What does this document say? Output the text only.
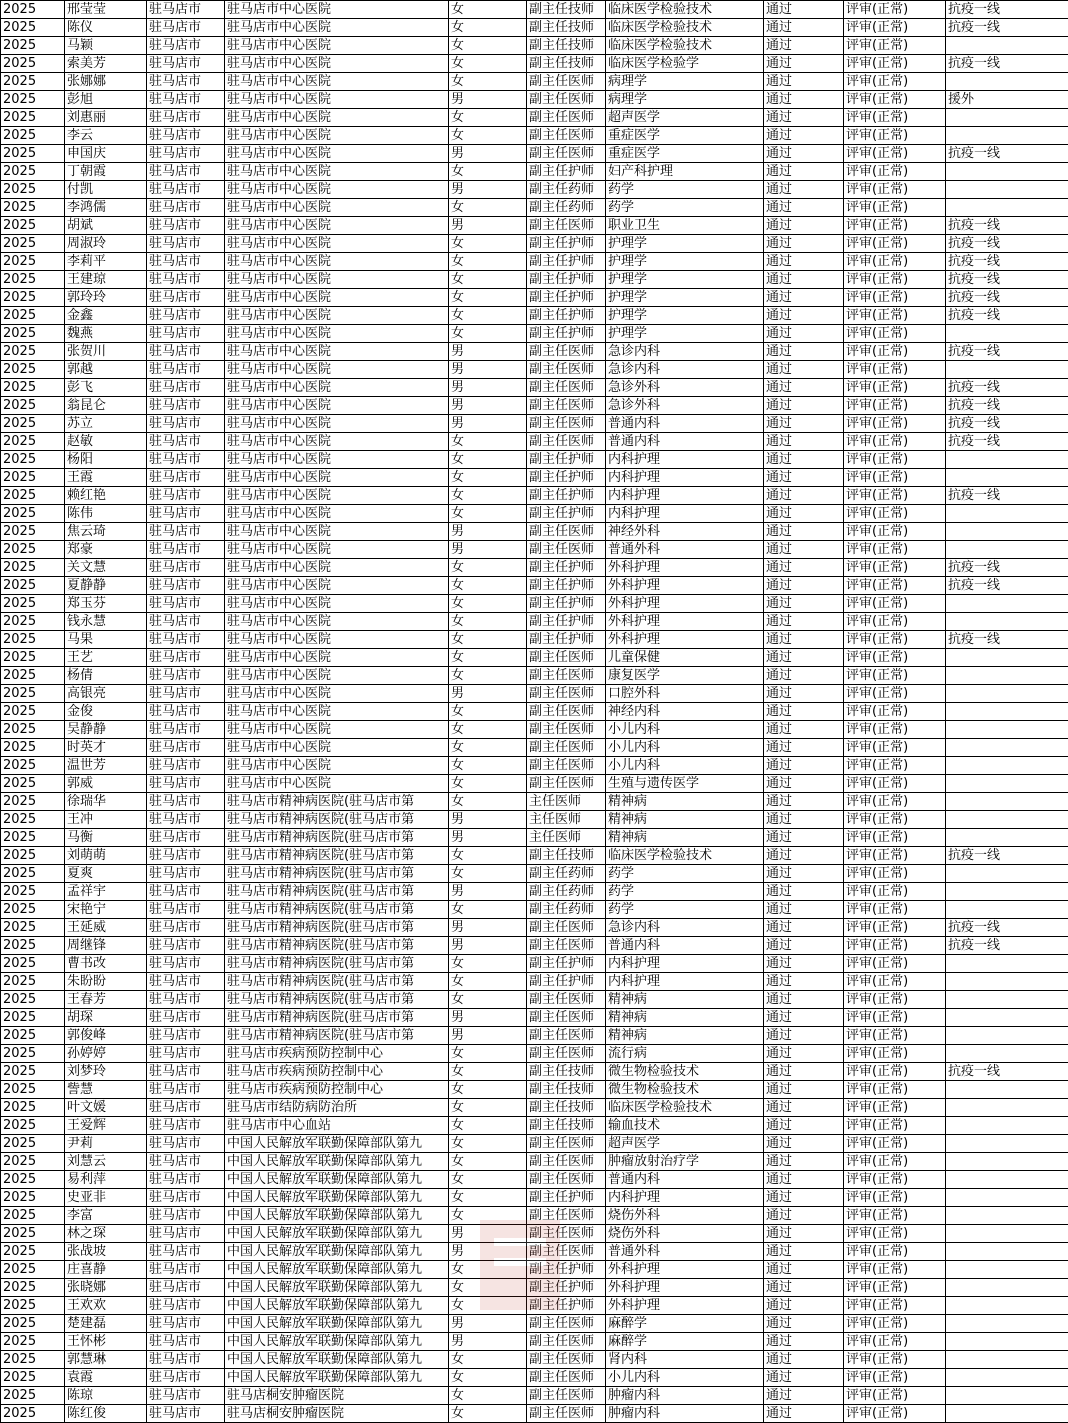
2025	邢莹莹	驻马店市	驻马店市中心医院	女	副主任技师	临床医学检验技术	通过	评审(正常)	抗疫一线
2025	陈仪	驻马店市	驻马店市中心医院	女	副主任技师	临床医学检验技术	通过	评审(正常)	抗疫一线
2025	马颖	驻马店市	驻马店市中心医院	女	副主任技师	临床医学检验技术	通过	评审(正常)	
2025	索美芳	驻马店市	驻马店市中心医院	女	副主任技师	临床医学检验学	通过	评审(正常)	抗疫一线
2025	张娜娜	驻马店市	驻马店市中心医院	女	副主任医师	病理学	通过	评审(正常)	
2025	彭旭	驻马店市	驻马店市中心医院	男	副主任医师	病理学	通过	评审(正常)	援外
2025	刘惠丽	驻马店市	驻马店市中心医院	女	副主任医师	超声医学	通过	评审(正常)	
2025	李云	驻马店市	驻马店市中心医院	女	副主任医师	重症医学	通过	评审(正常)	
2025	申国庆	驻马店市	驻马店市中心医院	男	副主任医师	重症医学	通过	评审(正常)	抗疫一线
2025	丁朝霞	驻马店市	驻马店市中心医院	女	副主任护师	妇产科护理	通过	评审(正常)	
2025	付凯	驻马店市	驻马店市中心医院	男	副主任药师	药学	通过	评审(正常)	
2025	李鸿儒	驻马店市	驻马店市中心医院	女	副主任药师	药学	通过	评审(正常)	
2025	胡斌	驻马店市	驻马店市中心医院	男	副主任医师	职业卫生	通过	评审(正常)	抗疫一线
2025	周淑玲	驻马店市	驻马店市中心医院	女	副主任护师	护理学	通过	评审(正常)	抗疫一线
2025	李莉平	驻马店市	驻马店市中心医院	女	副主任护师	护理学	通过	评审(正常)	抗疫一线
2025	王建琼	驻马店市	驻马店市中心医院	女	副主任护师	护理学	通过	评审(正常)	抗疫一线
2025	郭玲玲	驻马店市	驻马店市中心医院	女	副主任护师	护理学	通过	评审(正常)	抗疫一线
2025	金鑫	驻马店市	驻马店市中心医院	女	副主任护师	护理学	通过	评审(正常)	抗疫一线
2025	魏燕	驻马店市	驻马店市中心医院	女	副主任护师	护理学	通过	评审(正常)	
2025	张贺川	驻马店市	驻马店市中心医院	男	副主任医师	急诊内科	通过	评审(正常)	抗疫一线
2025	郭越	驻马店市	驻马店市中心医院	男	副主任医师	急诊内科	通过	评审(正常)	
2025	彭飞	驻马店市	驻马店市中心医院	男	副主任医师	急诊外科	通过	评审(正常)	抗疫一线
2025	翁昆仑	驻马店市	驻马店市中心医院	男	副主任医师	急诊外科	通过	评审(正常)	抗疫一线
2025	苏立	驻马店市	驻马店市中心医院	男	副主任医师	普通内科	通过	评审(正常)	抗疫一线
2025	赵敏	驻马店市	驻马店市中心医院	女	副主任医师	普通内科	通过	评审(正常)	抗疫一线
2025	杨阳	驻马店市	驻马店市中心医院	女	副主任护师	内科护理	通过	评审(正常)	
2025	王霞	驻马店市	驻马店市中心医院	女	副主任护师	内科护理	通过	评审(正常)	
2025	赖红艳	驻马店市	驻马店市中心医院	女	副主任护师	内科护理	通过	评审(正常)	抗疫一线
2025	陈伟	驻马店市	驻马店市中心医院	女	副主任护师	内科护理	通过	评审(正常)	
2025	焦云琦	驻马店市	驻马店市中心医院	男	副主任医师	神经外科	通过	评审(正常)	
2025	郑豪	驻马店市	驻马店市中心医院	男	副主任医师	普通外科	通过	评审(正常)	
2025	关文慧	驻马店市	驻马店市中心医院	女	副主任护师	外科护理	通过	评审(正常)	抗疫一线
2025	夏静静	驻马店市	驻马店市中心医院	女	副主任护师	外科护理	通过	评审(正常)	抗疫一线
2025	郑玉芬	驻马店市	驻马店市中心医院	女	副主任护师	外科护理	通过	评审(正常)	
2025	钱永慧	驻马店市	驻马店市中心医院	女	副主任护师	外科护理	通过	评审(正常)	
2025	马果	驻马店市	驻马店市中心医院	女	副主任护师	外科护理	通过	评审(正常)	抗疫一线
2025	王艺	驻马店市	驻马店市中心医院	女	副主任医师	儿童保健	通过	评审(正常)	
2025	杨倩	驻马店市	驻马店市中心医院	女	副主任医师	康复医学	通过	评审(正常)	
2025	高银亮	驻马店市	驻马店市中心医院	男	副主任医师	口腔外科	通过	评审(正常)	
2025	金俊	驻马店市	驻马店市中心医院	女	副主任医师	神经内科	通过	评审(正常)	
2025	吴静静	驻马店市	驻马店市中心医院	女	副主任医师	小儿内科	通过	评审(正常)	
2025	时英才	驻马店市	驻马店市中心医院	女	副主任医师	小儿内科	通过	评审(正常)	
2025	温世芳	驻马店市	驻马店市中心医院	女	副主任医师	小儿内科	通过	评审(正常)	
2025	郭威	驻马店市	驻马店市中心医院	女	副主任医师	生殖与遗传医学	通过	评审(正常)	
2025	徐瑞华	驻马店市	驻马店市精神病医院(驻马店市第	女	主任医师	精神病	通过	评审(正常)	
2025	王冲	驻马店市	驻马店市精神病医院(驻马店市第	男	主任医师	精神病	通过	评审(正常)	
2025	马衡	驻马店市	驻马店市精神病医院(驻马店市第	男	主任医师	精神病	通过	评审(正常)	
2025	刘萌萌	驻马店市	驻马店市精神病医院(驻马店市第	女	副主任技师	临床医学检验技术	通过	评审(正常)	抗疫一线
2025	夏爽	驻马店市	驻马店市精神病医院(驻马店市第	女	副主任药师	药学	通过	评审(正常)	
2025	孟祥宇	驻马店市	驻马店市精神病医院(驻马店市第	男	副主任药师	药学	通过	评审(正常)	
2025	宋艳宁	驻马店市	驻马店市精神病医院(驻马店市第	女	副主任药师	药学	通过	评审(正常)	
2025	王延威	驻马店市	驻马店市精神病医院(驻马店市第	男	副主任医师	急诊内科	通过	评审(正常)	抗疫一线
2025	周继锋	驻马店市	驻马店市精神病医院(驻马店市第	男	副主任医师	普通内科	通过	评审(正常)	抗疫一线
2025	曹书改	驻马店市	驻马店市精神病医院(驻马店市第	女	副主任护师	内科护理	通过	评审(正常)	
2025	朱盼盼	驻马店市	驻马店市精神病医院(驻马店市第	女	副主任护师	内科护理	通过	评审(正常)	
2025	王春芳	驻马店市	驻马店市精神病医院(驻马店市第	女	副主任医师	精神病	通过	评审(正常)	
2025	胡琛	驻马店市	驻马店市精神病医院(驻马店市第	男	副主任医师	精神病	通过	评审(正常)	
2025	郭俊峰	驻马店市	驻马店市精神病医院(驻马店市第	男	副主任医师	精神病	通过	评审(正常)	
2025	孙婷婷	驻马店市	驻马店市疾病预防控制中心	女	副主任医师	流行病	通过	评审(正常)	
2025	刘梦玲	驻马店市	驻马店市疾病预防控制中心	女	副主任技师	微生物检验技术	通过	评审(正常)	抗疫一线
2025	訾慧	驻马店市	驻马店市疾病预防控制中心	女	副主任技师	微生物检验技术	通过	评审(正常)	
2025	叶文媛	驻马店市	驻马店市结防病防治所	女	副主任技师	临床医学检验技术	通过	评审(正常)	
2025	王爱辉	驻马店市	驻马店市中心血站	女	副主任技师	输血技术	通过	评审(正常)	
2025	尹莉	驻马店市	中国人民解放军联勤保障部队第九	女	副主任医师	超声医学	通过	评审(正常)	
2025	刘慧云	驻马店市	中国人民解放军联勤保障部队第九	女	副主任医师	肿瘤放射治疗学	通过	评审(正常)	
2025	易利萍	驻马店市	中国人民解放军联勤保障部队第九	女	副主任医师	普通内科	通过	评审(正常)	
2025	史亚非	驻马店市	中国人民解放军联勤保障部队第九	女	副主任护师	内科护理	通过	评审(正常)	
2025	李富	驻马店市	中国人民解放军联勤保障部队第九	女	副主任医师	烧伤外科	通过	评审(正常)	
2025	林之琛	驻马店市	中国人民解放军联勤保障部队第九	男	副主任医师	烧伤外科	通过	评审(正常)	
2025	张战坡	驻马店市	中国人民解放军联勤保障部队第九	男	副主任医师	普通外科	通过	评审(正常)	
2025	庄喜静	驻马店市	中国人民解放军联勤保障部队第九	女	副主任护师	外科护理	通过	评审(正常)	
2025	张晓娜	驻马店市	中国人民解放军联勤保障部队第九	女	副主任护师	外科护理	通过	评审(正常)	
2025	王欢欢	驻马店市	中国人民解放军联勤保障部队第九	女	副主任护师	外科护理	通过	评审(正常)	
2025	楚建磊	驻马店市	中国人民解放军联勤保障部队第九	男	副主任医师	麻醉学	通过	评审(正常)	
2025	王怀彬	驻马店市	中国人民解放军联勤保障部队第九	男	副主任医师	麻醉学	通过	评审(正常)	
2025	郭慧琳	驻马店市	中国人民解放军联勤保障部队第九	女	副主任医师	肾内科	通过	评审(正常)	
2025	袁霞	驻马店市	中国人民解放军联勤保障部队第九	女	副主任医师	小儿内科	通过	评审(正常)	
2025	陈琼	驻马店市	驻马店桐安肿瘤医院	女	副主任医师	肿瘤内科	通过	评审(正常)	
2025	陈红俊	驻马店市	驻马店桐安肿瘤医院	女	副主任医师	肿瘤内科	通过	评审(正常)	
